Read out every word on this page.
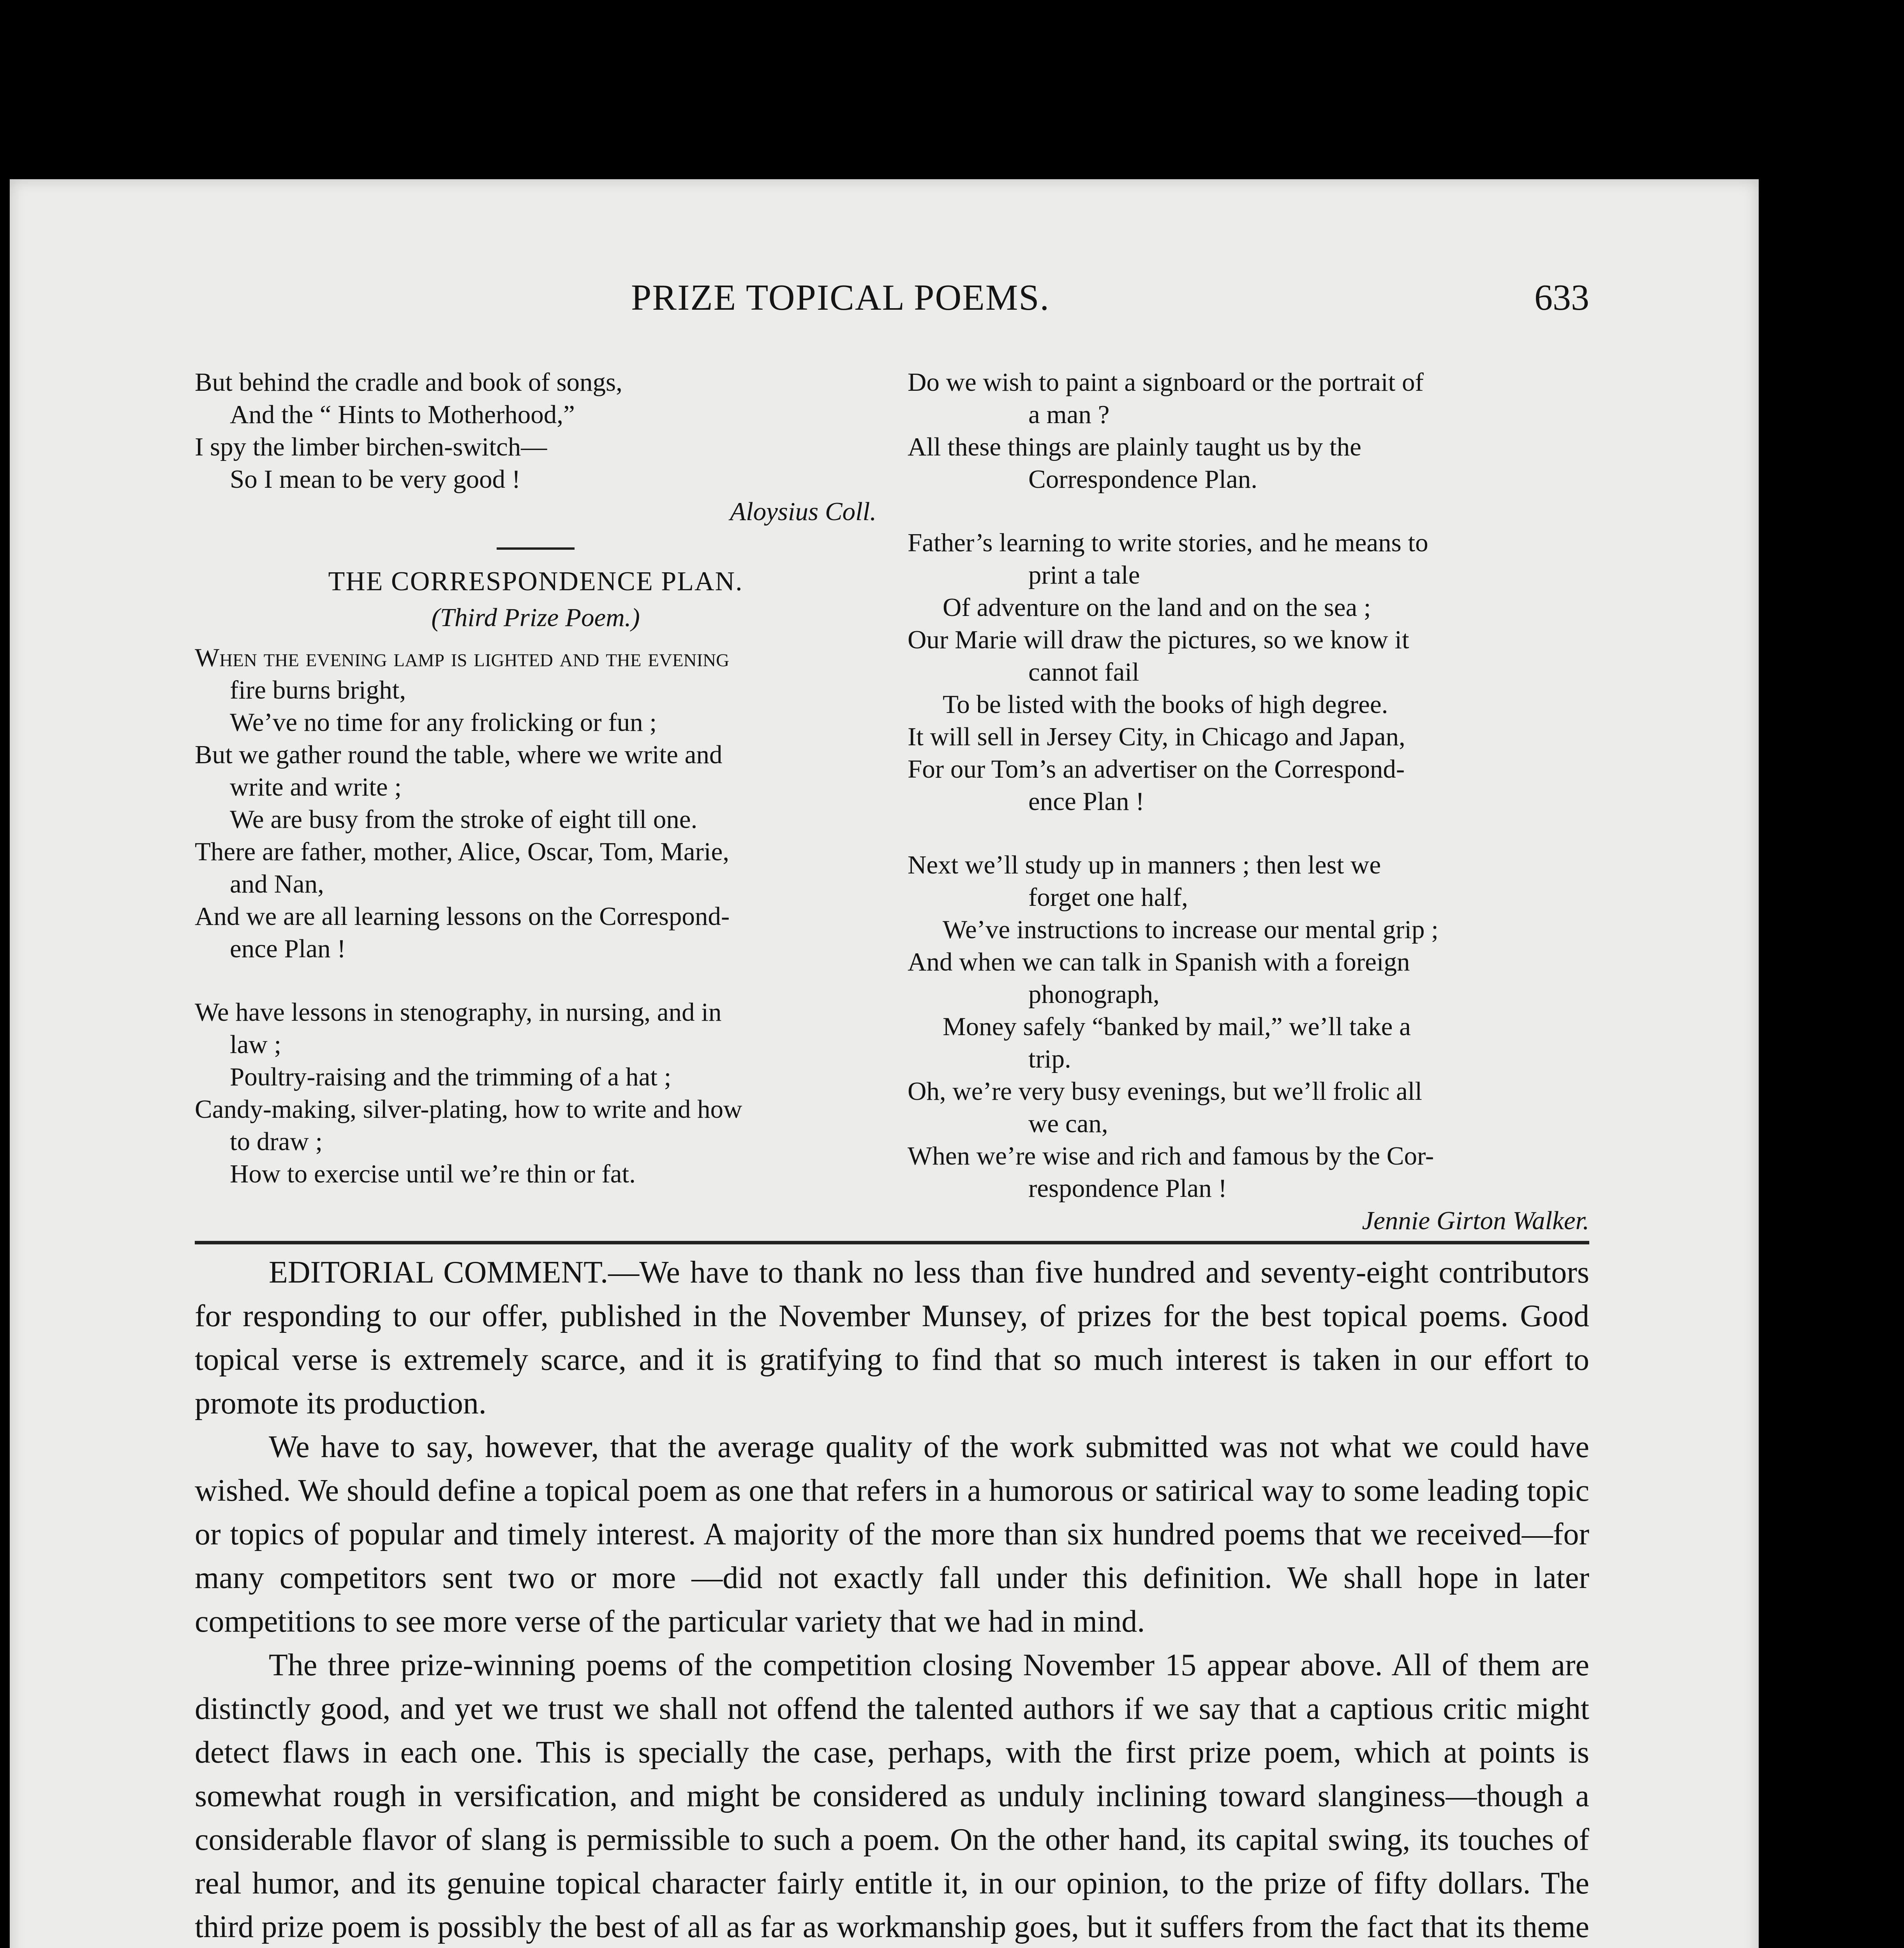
PRIZE TOPICAL POEMS.	633

But behind the cradle and book of songs,

And the “ Hints to Motherhood,”

I spy the limber birchen-switch—

So I mean to be very good !

Aloysius Coll.

THE CORRESPONDENCE PLAN.

(Third Prize Poem.)

When the evening lamp is lighted and the evening

fire burns bright,

We’ve no time for any frolicking or fun ;

But we gather round the table, where we write and

write and write ;

We are busy from the stroke of eight till one.

There are father, mother, Alice, Oscar, Tom, Marie,

and Nan,

And we are all learning lessons on the Correspond-

ence Plan !

We have lessons in stenography, in nursing, and in

law ;

Poultry-raising and the trimming of a hat ;

Candy-making, silver-plating, how to write and how

to draw ;

How to exercise until we’re thin or fat.

Do we wish to paint a signboard or the portrait of

a man ?

All these things are plainly taught us by the

Correspondence Plan.

Father’s learning to write stories, and he means to

print a tale

Of adventure on the land and on the sea ;

Our Marie will draw the pictures, so we know it

cannot fail

To be listed with the books of high degree.

It will sell in Jersey City, in Chicago and Japan,

For our Tom’s an advertiser on the Correspond-

ence Plan !

Next we’ll study up in manners ; then lest we

forget one half,

We’ve instructions to increase our mental grip ;

And when we can talk in Spanish with a foreign

phonograph,

Money safely “banked by mail,” we’ll take a

trip.

Oh, we’re very busy evenings, but we’ll frolic all

we can,

When we’re wise and rich and famous by the Cor-

respondence Plan !

Jennie Girton Walker.

EDITORIAL COMMENT.—We have to thank no less than five hundred and seventy-eight contributors for responding to our offer, published in the November Munsey, of prizes for the best topical poems. Good topical verse is extremely scarce, and it is gratifying to find that so much interest is taken in our effort to promote its production.

We have to say, however, that the average quality of the work submitted was not what we could have wished. We should define a topical poem as one that refers in a humorous or satirical way to some leading topic or topics of popular and timely interest. A majority of the more than six hundred poems that we received—for many competitors sent two or more —did not exactly fall under this definition. We shall hope in later competitions to see more verse of the particular variety that we had in mind.

The three prize-winning poems of the competition closing November 15 appear above. All of them are distinctly good, and yet we trust we shall not offend the talented authors if we say that a captious critic might detect flaws in each one. This is specially the case, perhaps, with the first prize poem, which at points is somewhat rough in versification, and might be considered as unduly inclining toward slanginess—though a considerable flavor of slang is permissible to such a poem. On the other hand, its capital swing, its touches of real humor, and its genuine topical character fairly entitle it, in our opinion, to the prize of fifty dollars. The third prize poem is possibly the best of all as far as workmanship goes, but it suffers from the fact that its theme
